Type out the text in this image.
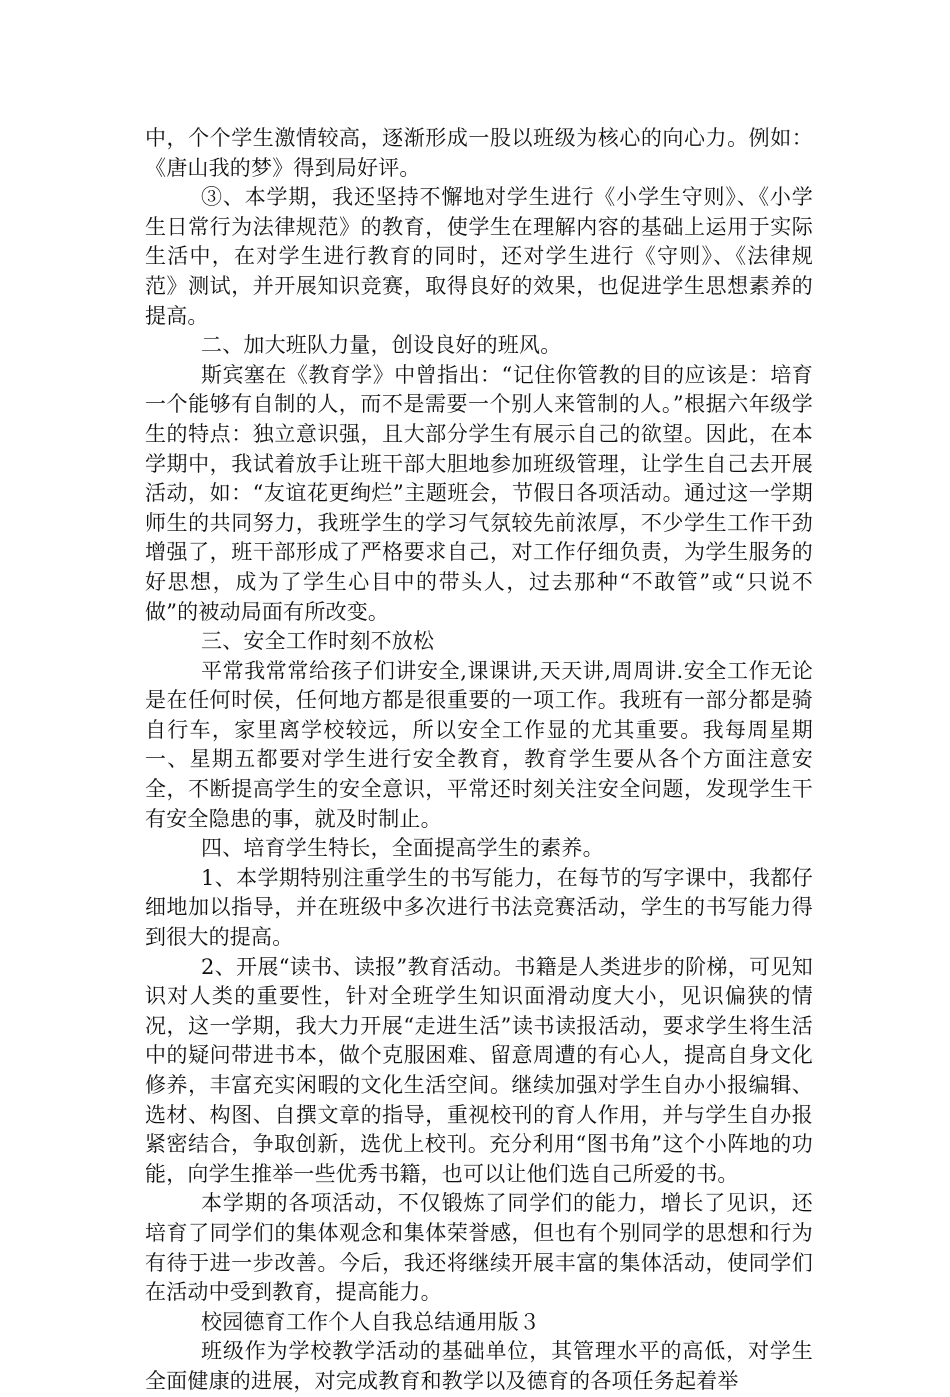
中，个个学生激情较高，逐渐形成一股以班级为核心的向心力。例如：《唐山我的梦》得到局好评。

③、本学期，我还坚持不懈地对学生进行《小学生守则》、《小学生日常行为法律规范》的教育，使学生在理解内容的基础上运用于实际生活中，在对学生进行教育的同时，还对学生进行《守则》、《法律规范》测试，并开展知识竞赛，取得良好的效果，也促进学生思想素养的提高。

二、加大班队力量，创设良好的班风。

斯宾塞在《教育学》中曾指出：“记住你管教的目的应该是：培育一个能够有自制的人，而不是需要一个别人来管制的人。”根据六年级学生的特点：独立意识强，且大部分学生有展示自己的欲望。因此，在本学期中，我试着放手让班干部大胆地参加班级管理，让学生自己去开展活动，如：“友谊花更绚烂”主题班会，节假日各项活动。通过这一学期师生的共同努力，我班学生的学习气氛较先前浓厚，不少学生工作干劲增强了，班干部形成了严格要求自己，对工作仔细负责，为学生服务的好思想，成为了学生心目中的带头人，过去那种“不敢管”或“只说不做”的被动局面有所改变。

三、安全工作时刻不放松

平常我常常给孩子们讲安全,课课讲,天天讲,周周讲.安全工作无论是在任何时侯，任何地方都是很重要的一项工作。我班有一部分都是骑自行车，家里离学校较远，所以安全工作显的尤其重要。我每周星期一、星期五都要对学生进行安全教育，教育学生要从各个方面注意安全，不断提高学生的安全意识，平常还时刻关注安全问题，发现学生干有安全隐患的事，就及时制止。

四、培育学生特长，全面提高学生的素养。

1、本学期特别注重学生的书写能力，在每节的写字课中，我都仔细地加以指导，并在班级中多次进行书法竞赛活动，学生的书写能力得到很大的提高。

2、开展“读书、读报”教育活动。书籍是人类进步的阶梯，可见知识对人类的重要性，针对全班学生知识面滑动度大小，见识偏狭的情况，这一学期，我大力开展“走进生活”读书读报活动，要求学生将生活中的疑问带进书本，做个克服困难、留意周遭的有心人，提高自身文化修养，丰富充实闲暇的文化生活空间。继续加强对学生自办小报编辑、选材、构图、自撰文章的指导，重视校刊的育人作用，并与学生自办报紧密结合，争取创新，选优上校刊。充分利用“图书角”这个小阵地的功能，向学生推举一些优秀书籍，也可以让他们选自己所爱的书。

本学期的各项活动，不仅锻炼了同学们的能力，增长了见识，还培育了同学们的集体观念和集体荣誉感，但也有个别同学的思想和行为有待于进一步改善。今后，我还将继续开展丰富的集体活动，使同学们在活动中受到教育，提高能力。

校园德育工作个人自我总结通用版３

班级作为学校教学活动的基础单位，其管理水平的高低，对学生全面健康的进展，对完成教育和教学以及德育的各项任务起着举
